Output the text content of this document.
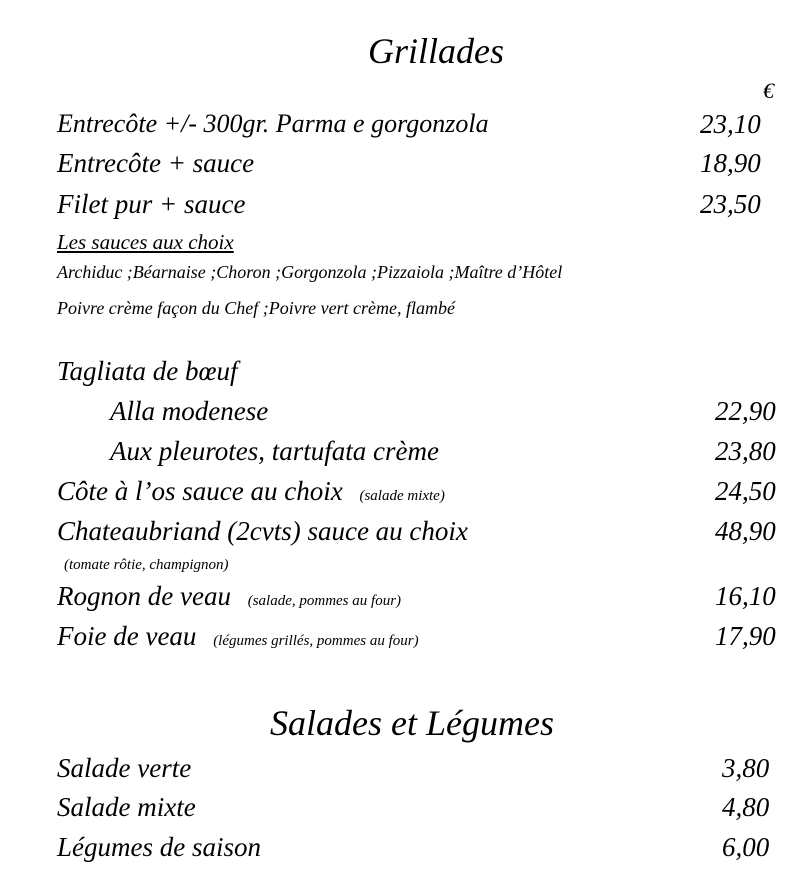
Grillades
€
Entrecôte +/- 300gr. Parma e gorgonzola	23,10
Entrecôte + sauce	18,90
Filet pur + sauce	23,50
Les sauces aux choix
Archiduc ;Béarnaise ;Choron ;Gorgonzola ;Pizzaiola ;Maître d’Hôtel
Poivre crème façon du Chef ;Poivre vert crème, flambé
Tagliata de bœuf
Alla modenese	22,90
Aux pleurotes, tartufata crème	23,80
Côte à l’os sauce au choix (salade mixte)	24,50
Chateaubriand (2cvts) sauce au choix	48,90
(tomate rôtie, champignon)
Rognon de veau (salade, pommes au four)	16,10
Foie de veau (légumes grillés, pommes au four)	17,90
Salades et Légumes
Salade verte	3,80
Salade mixte	4,80
Légumes de saison	6,00
